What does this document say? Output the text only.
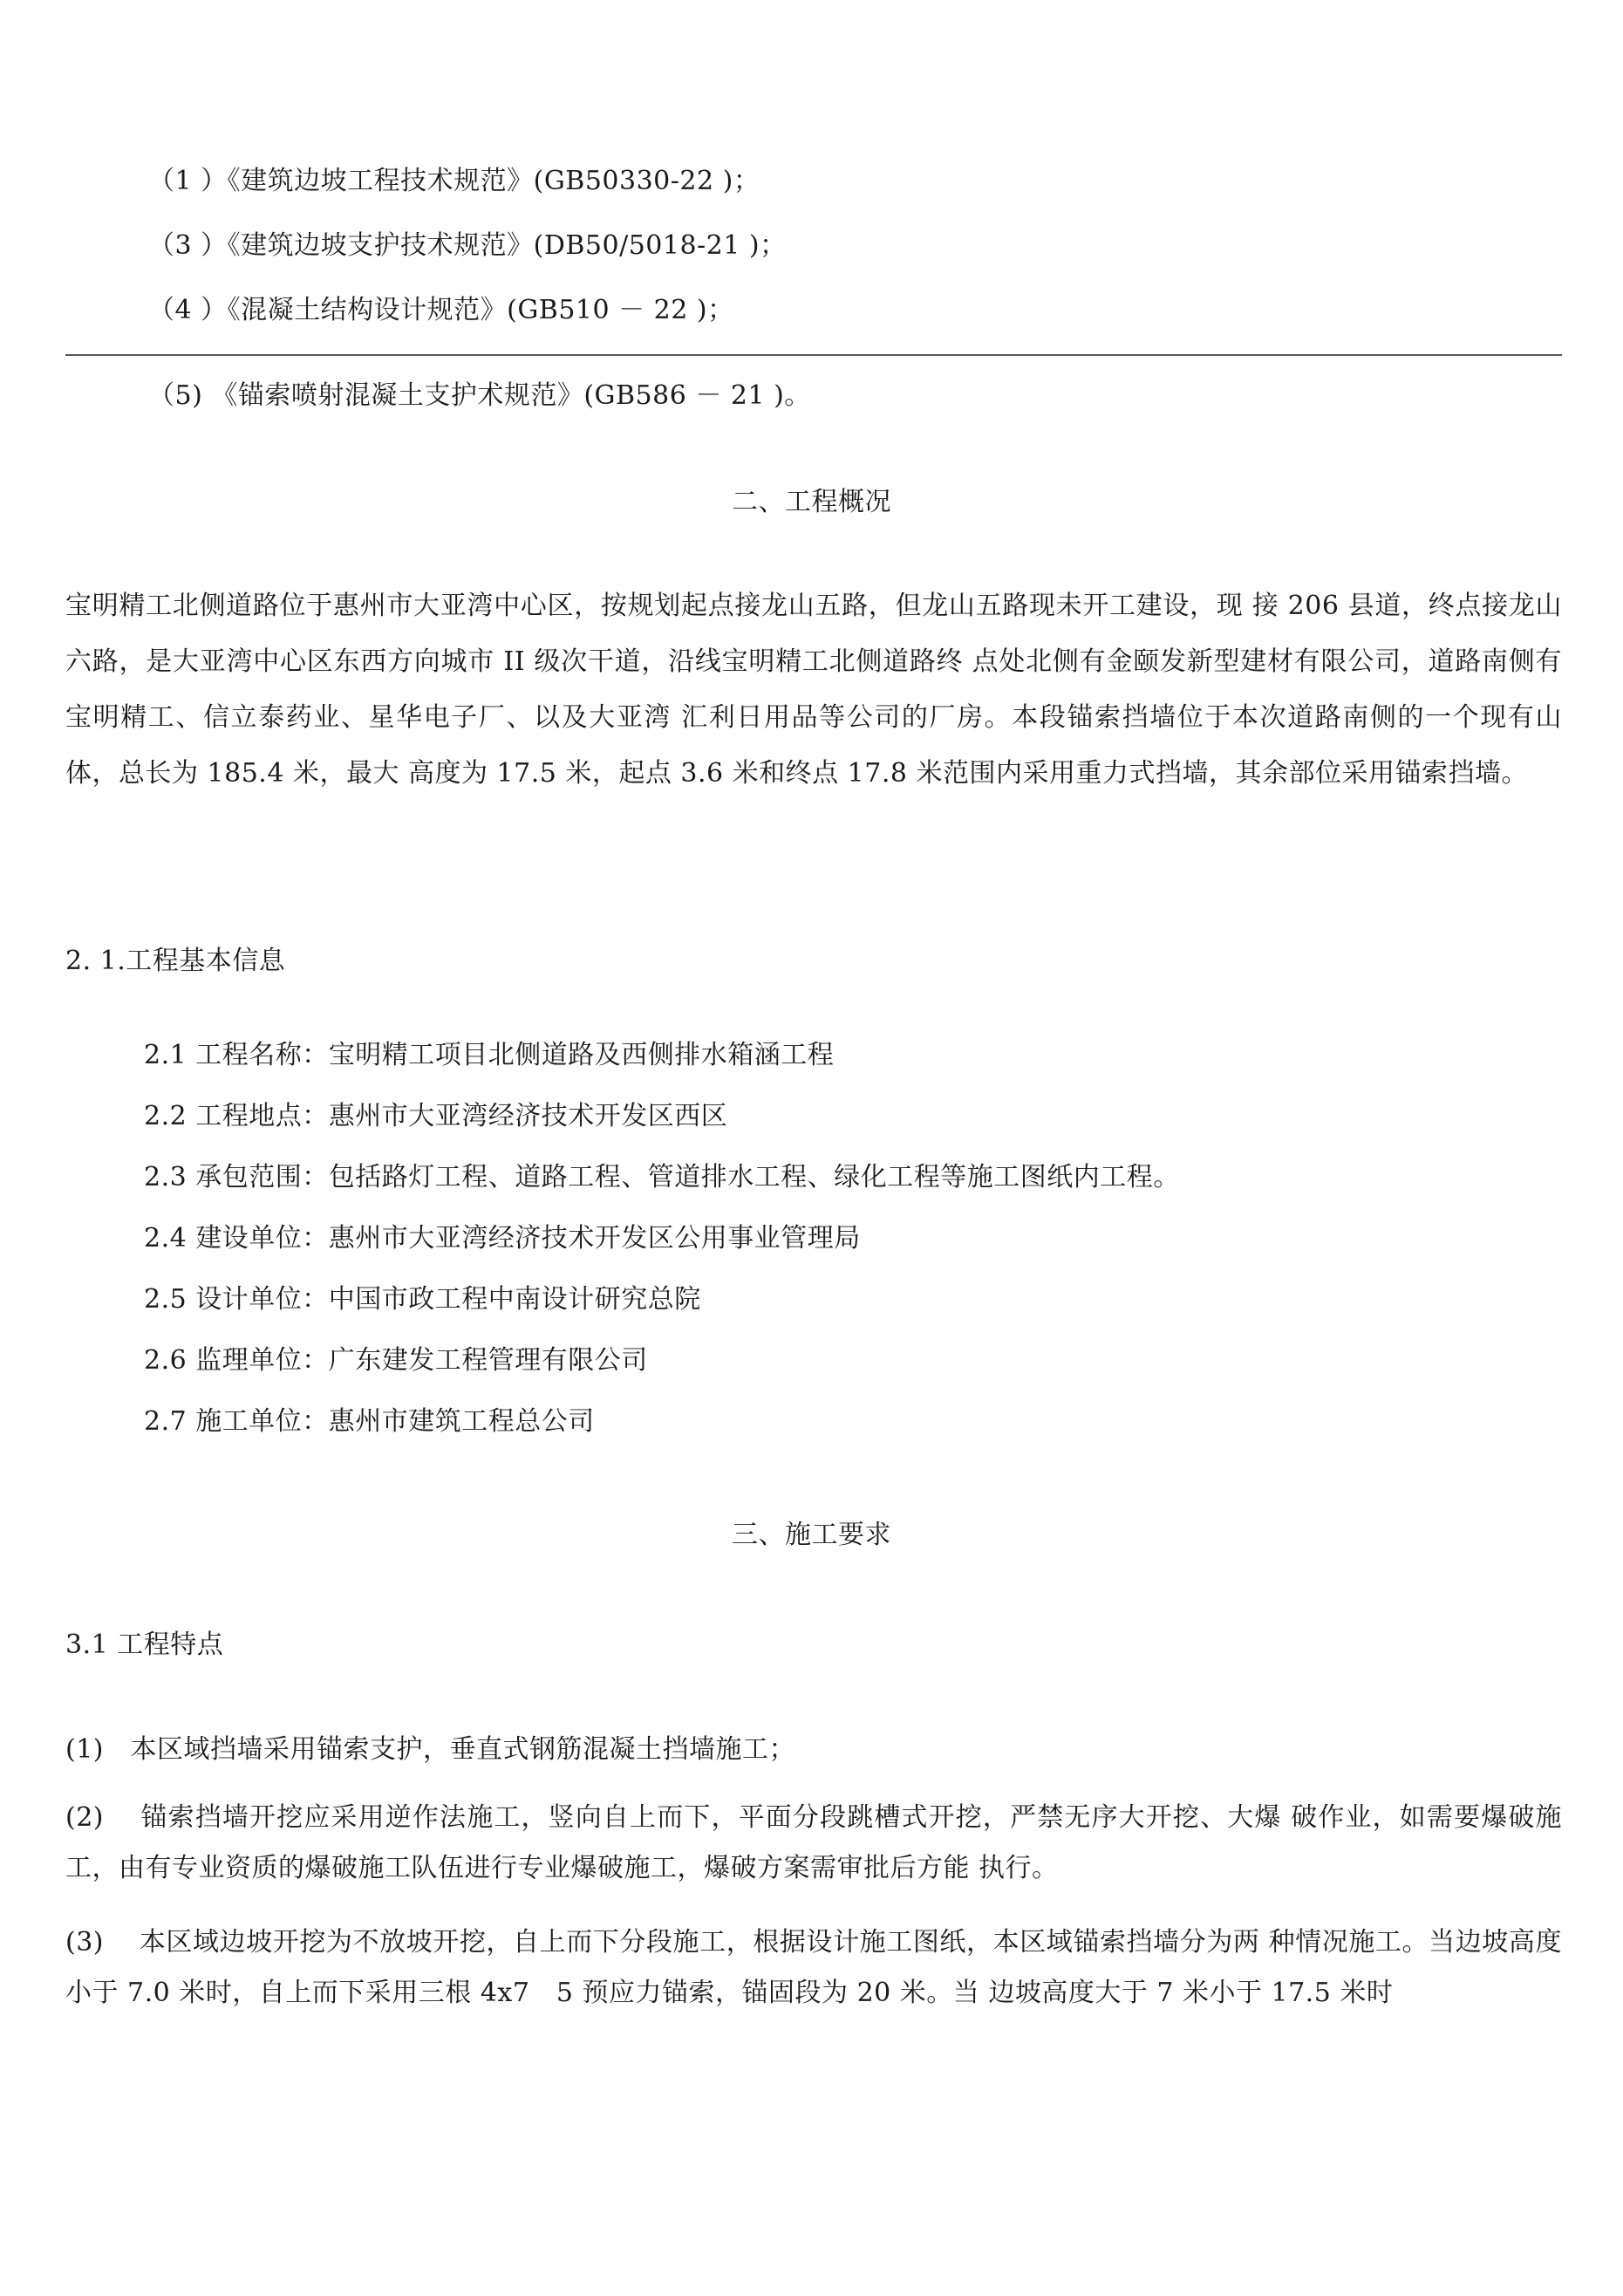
（1 ）《建筑边坡工程技术规范》(GB50330-22 )；
（3 ）《建筑边坡支护技术规范》(DB50/5018-21 )；
（4 ）《混凝土结构设计规范》(GB510 － 22 )；
（5) 《锚索喷射混凝土支护术规范》(GB586 － 21 )。
二、工程概况
宝明精工北侧道路位于惠州市大亚湾中心区，按规划起点接龙山五路，但龙山五路现未开工建设，现 接 206 县道，终点接龙山六路，是大亚湾中心区东西方向城市 II 级次干道，沿线宝明精工北侧道路终 点处北侧有金颐发新型建材有限公司，道路南侧有宝明精工、信立泰药业、星华电子厂、以及大亚湾 汇利日用品等公司的厂房。本段锚索挡墙位于本次道路南侧的一个现有山体，总长为 185.4 米，最大 高度为 17.5 米，起点 3.6 米和终点 17.8 米范围内采用重力式挡墙，其余部位采用锚索挡墙。
2. 1.工程基本信息
2.1 工程名称：宝明精工项目北侧道路及西侧排水箱涵工程
2.2 工程地点：惠州市大亚湾经济技术开发区西区
2.3 承包范围：包括路灯工程、道路工程、管道排水工程、绿化工程等施工图纸内工程。
2.4 建设单位：惠州市大亚湾经济技术开发区公用事业管理局
2.5 设计单位：中国市政工程中南设计研究总院
2.6 监理单位：广东建发工程管理有限公司
2.7 施工单位：惠州市建筑工程总公司
三、施工要求
3.1 工程特点
(1)　本区域挡墙采用锚索支护，垂直式钢筋混凝土挡墙施工；
(2)　 锚索挡墙开挖应采用逆作法施工，竖向自上而下，平面分段跳槽式开挖，严禁无序大开挖、大爆 破作业，如需要爆破施工，由有专业资质的爆破施工队伍进行专业爆破施工，爆破方案需审批后方能 执行。
(3)　 本区域边坡开挖为不放坡开挖，自上而下分段施工，根据设计施工图纸，本区域锚索挡墙分为两 种情况施工。当边坡高度小于 7.0 米时，自上而下采用三根 4x7　5 预应力锚索，锚固段为 20 米。当 边坡高度大于 7 米小于 17.5 米时
